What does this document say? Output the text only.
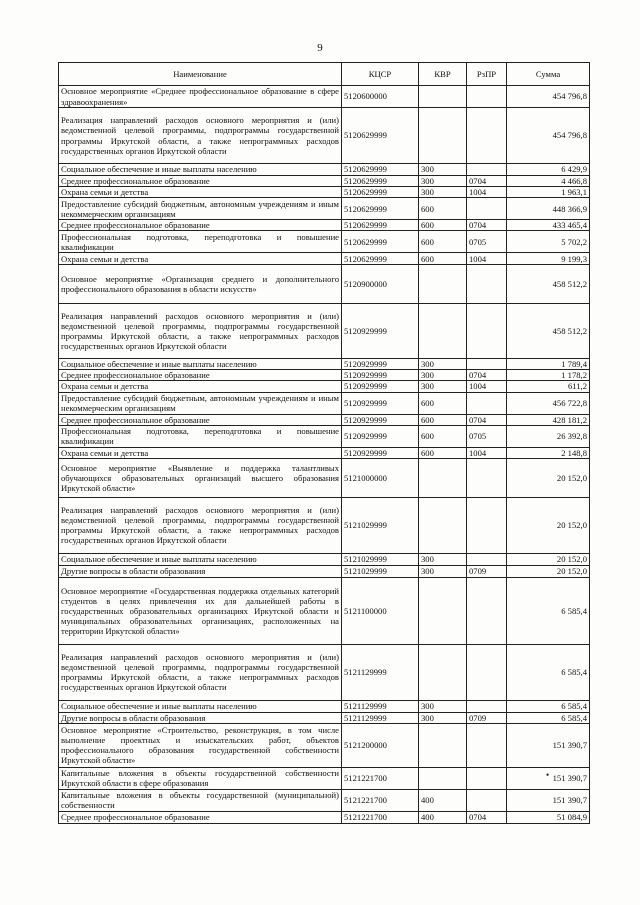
9
Наименование	КЦСР	КВР	РзПР	Сумма
Основное мероприятие «Среднее профессиональное образование в сфере здравоохранения»	5120600000			454 796,8
Реализация направлений расходов основного мероприятия и (или) ведомственной целевой программы, подпрограммы государственной программы Иркутской области, а также непрограммных расходов государственных органов Иркутской области	5120629999			454 796,8
Социальное обеспечение и иные выплаты населению	5120629999	300		6 429,9
Среднее профессиональное образование	5120629999	300	0704	4 466,8
Охрана семьи и детства	5120629999	300	1004	1 963,1
Предоставление субсидий бюджетным, автономным учреждениям и иным некоммерческим организациям	5120629999	600		448 366,9
Среднее профессиональное образование	5120629999	600	0704	433 465,4
Профессиональная подготовка, переподготовка и повышение квалификации	5120629999	600	0705	5 702,2
Охрана семьи и детства	5120629999	600	1004	9 199,3
Основное мероприятие «Организация среднего и дополнительного профессионального образования в области искусств»	5120900000			458 512,2
Реализация направлений расходов основного мероприятия и (или) ведомственной целевой программы, подпрограммы государственной программы Иркутской области, а также непрограммных расходов государственных органов Иркутской области	5120929999			458 512,2
Социальное обеспечение и иные выплаты населению	5120929999	300		1 789,4
Среднее профессиональное образование	5120929999	300	0704	1 178,2
Охрана семьи и детства	5120929999	300	1004	611,2
Предоставление субсидий бюджетным, автономным учреждениям и иным некоммерческим организациям	5120929999	600		456 722,8
Среднее профессиональное образование	5120929999	600	0704	428 181,2
Профессиональная подготовка, переподготовка и повышение квалификации	5120929999	600	0705	26 392,8
Охрана семьи и детства	5120929999	600	1004	2 148,8
Основное мероприятие «Выявление и поддержка талантливых обучающихся образовательных организаций высшего образования Иркутской области»	5121000000			20 152,0
Реализация направлений расходов основного мероприятия и (или) ведомственной целевой программы, подпрограммы государственной программы Иркутской области, а также непрограммных расходов государственных органов Иркутской области	5121029999			20 152,0
Социальное обеспечение и иные выплаты населению	5121029999	300		20 152,0
Другие вопросы в области образования	5121029999	300	0709	20 152,0
Основное мероприятие «Государственная поддержка отдельных категорий студентов в целях привлечения их для дальнейшей работы в государственных образовательных организациях Иркутской области и муниципальных образовательных организациях, расположенных на территории Иркутской области»	5121100000			6 585,4
Реализация направлений расходов основного мероприятия и (или) ведомственной целевой программы, подпрограммы государственной программы Иркутской области, а также непрограммных расходов государственных органов Иркутской области	5121129999			6 585,4
Социальное обеспечение и иные выплаты населению	5121129999	300		6 585,4
Другие вопросы в области образования	5121129999	300	0709	6 585,4
Основное мероприятие «Строительство, реконструкция, в том числе выполнение проектных и изыскательских работ, объектов профессионального образования государственной собственности Иркутской области»	5121200000			151 390,7
Капитальные вложения в объекты государственной собственности Иркутской области в сфере образования	5121221700			151 390,7
Капитальные вложения в объекты государственной (муниципальной) собственности	5121221700	400		151 390,7
Среднее профессиональное образование	5121221700	400	0704	51 084,9
•
